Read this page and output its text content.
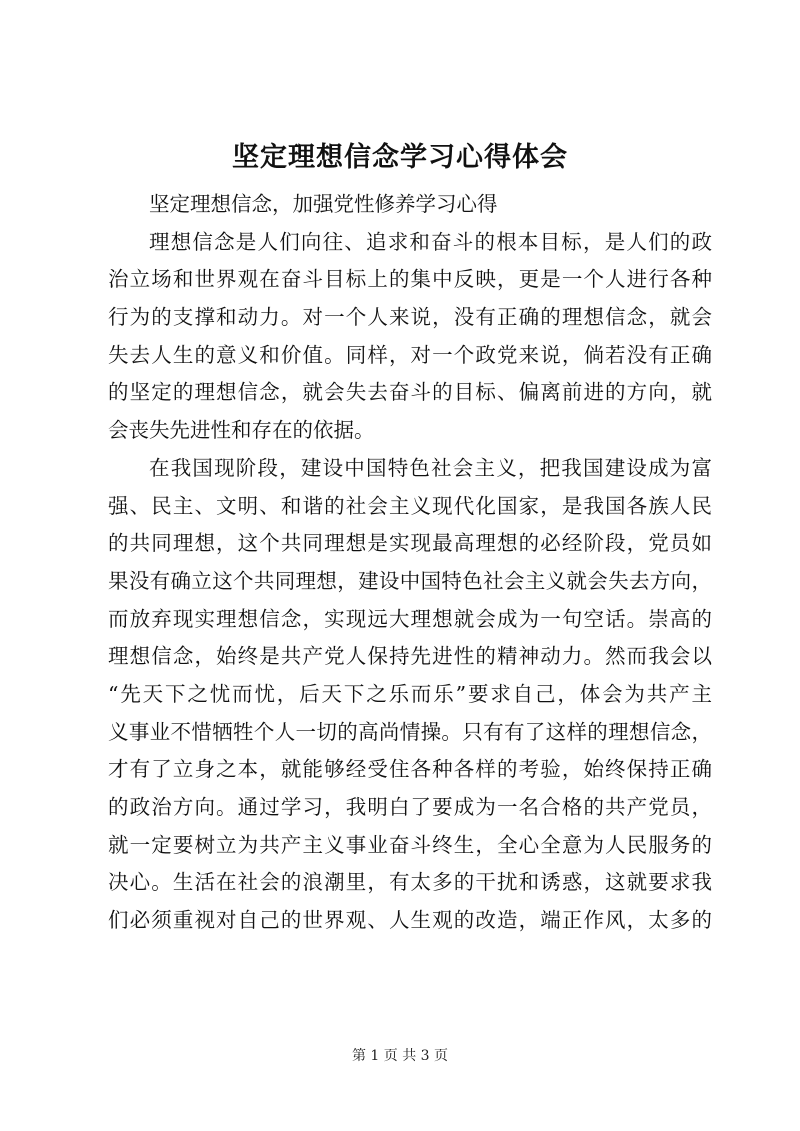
坚定理想信念学习心得体会
坚定理想信念，加强党性修养学习心得
理想信念是人们向往、追求和奋斗的根本目标，是人们的政
治立场和世界观在奋斗目标上的集中反映，更是一个人进行各种
行为的支撑和动力。对一个人来说，没有正确的理想信念，就会
失去人生的意义和价值。同样，对一个政党来说，倘若没有正确
的坚定的理想信念，就会失去奋斗的目标、偏离前进的方向，就
会丧失先进性和存在的依据。
在我国现阶段，建设中国特色社会主义，把我国建设成为富
强、民主、文明、和谐的社会主义现代化国家，是我国各族人民
的共同理想，这个共同理想是实现最高理想的必经阶段，党员如
果没有确立这个共同理想，建设中国特色社会主义就会失去方向，
而放弃现实理想信念，实现远大理想就会成为一句空话。崇高的
理想信念，始终是共产党人保持先进性的精神动力。然而我会以
“先天下之忧而忧，后天下之乐而乐”要求自己，体会为共产主
义事业不惜牺牲个人一切的高尚情操。只有有了这样的理想信念，
才有了立身之本，就能够经受住各种各样的考验，始终保持正确
的政治方向。通过学习，我明白了要成为一名合格的共产党员，
就一定要树立为共产主义事业奋斗终生，全心全意为人民服务的
决心。生活在社会的浪潮里，有太多的干扰和诱惑，这就要求我
们必须重视对自己的世界观、人生观的改造，端正作风，太多的
第 1 页 共 3 页
